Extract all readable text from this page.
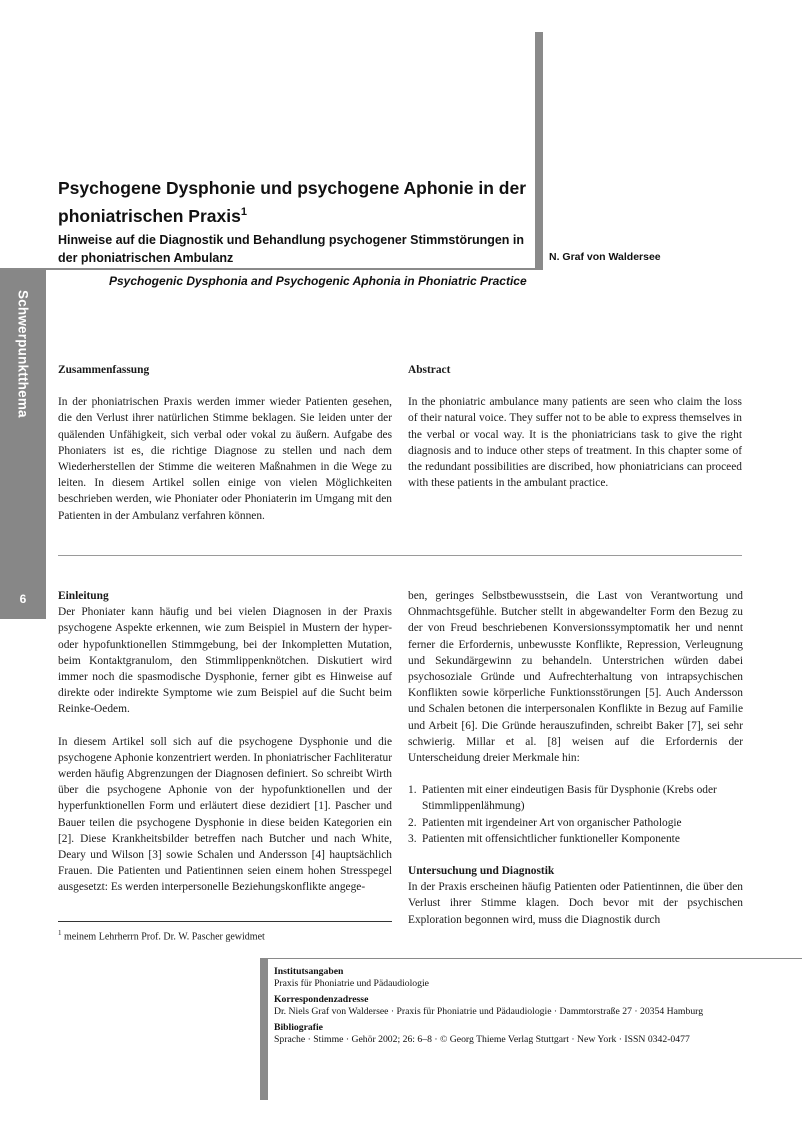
Schwerpunktthema
6
Psychogene Dysphonie und psychogene Aphonie in der phoniatrischen Praxis$^1$
Hinweise auf die Diagnostik und Behandlung psychogener Stimmstörungen in der phoniatrischen Ambulanz	N. Graf von Waldersee
Psychogenic Dysphonia and Psychogenic Aphonia in Phoniatric Practice

Zusammenfassung

In der phoniatrischen Praxis werden immer wieder Patienten gesehen, die den Verlust ihrer natürlichen Stimme beklagen. Sie leiden unter der quälenden Unfähigkeit, sich verbal oder vokal zu äußern. Aufgabe des Phoniaters ist es, die richtige Diagnose zu stellen und nach dem Wiederherstellen der Stimme die weiteren Maßnahmen in die Wege zu leiten. In diesem Artikel sollen einige von vielen Möglichkeiten beschrieben werden, wie Phoniater oder Phoniaterin im Umgang mit den Patienten in der Ambulanz verfahren können.

Abstract

In the phoniatric ambulance many patients are seen who claim the loss of their natural voice. They suffer not to be able to express themselves in the verbal or vocal way. It is the phoniatricians task to give the right diagnosis and to induce other steps of treatment. In this chapter some of the redundant possibilities are discribed, how phoniatricians can proceed with these patients in the ambulant practice.

Einleitung

Der Phoniater kann häufig und bei vielen Diagnosen in der Praxis psychogene Aspekte erkennen, wie zum Beispiel in Mustern der hyper- oder hypofunktionellen Stimmgebung, bei der Inkompletten Mutation, beim Kontaktgranulom, den Stimmlippenknötchen. Diskutiert wird immer noch die spasmodische Dysphonie, ferner gibt es Hinweise auf direkte oder indirekte Symptome wie zum Beispiel auf die Sucht beim Reinke-Oedem.

In diesem Artikel soll sich auf die psychogene Dysphonie und die psychogene Aphonie konzentriert werden. In phoniatrischer Fachliteratur werden häufig Abgrenzungen der Diagnosen definiert. So schreibt Wirth über die psychogene Aphonie von der hypofunktionellen und der hyperfunktionellen Form und erläutert diese dezidiert [1]. Pascher und Bauer teilen die psychogene Dysphonie in diese beiden Kategorien ein [2]. Diese Krankheitsbilder betreffen nach Butcher und nach White, Deary und Wilson [3] sowie Schalen und Andersson [4] hauptsächlich Frauen. Die Patienten und Patientinnen seien einem hohen Stresspegel ausgesetzt: Es werden interpersonelle Beziehungskonflikte angege-

ben, geringes Selbstbewusstsein, die Last von Verantwortung und Ohnmachtsgefühle. Butcher stellt in abgewandelter Form den Bezug zu der von Freud beschriebenen Konversionssymptomatik her und nennt ferner die Erfordernis, unbewusste Konflikte, Repression, Verleugnung und Sekundärgewinn zu behandeln. Unterstrichen würden dabei psychosoziale Gründe und Aufrechterhaltung von intrapsychischen Konflikten sowie körperliche Funktionsstörungen [5]. Auch Andersson und Schalen betonen die interpersonalen Konflikte in Bezug auf Familie und Arbeit [6]. Die Gründe herauszufinden, schreibt Baker [7], sei sehr schwierig. Millar et al. [8] weisen auf die Erfordernis der Unterscheidung dreier Merkmale hin:

1. Patienten mit einer eindeutigen Basis für Dysphonie (Krebs oder Stimmlippenlähmung)
2. Patienten mit irgendeiner Art von organischer Pathologie
3. Patienten mit offensichtlicher funktioneller Komponente

Untersuchung und Diagnostik

In der Praxis erscheinen häufig Patienten oder Patientinnen, die über den Verlust ihrer Stimme klagen. Doch bevor mit der psychischen Exploration begonnen wird, muss die Diagnostik durch

$^1$ meinem Lehrherrn Prof. Dr. W. Pascher gewidmet
Institutsangaben
Praxis für Phoniatrie und Pädaudiologie
Korrespondenzadresse
Dr. Niels Graf von Waldersee · Praxis für Phoniatrie und Pädaudiologie · Dammtorstraße 27 · 20354 Hamburg
Bibliografie
Sprache · Stimme · Gehör 2002; 26: 6–8 · © Georg Thieme Verlag Stuttgart · New York · ISSN 0342-0477
